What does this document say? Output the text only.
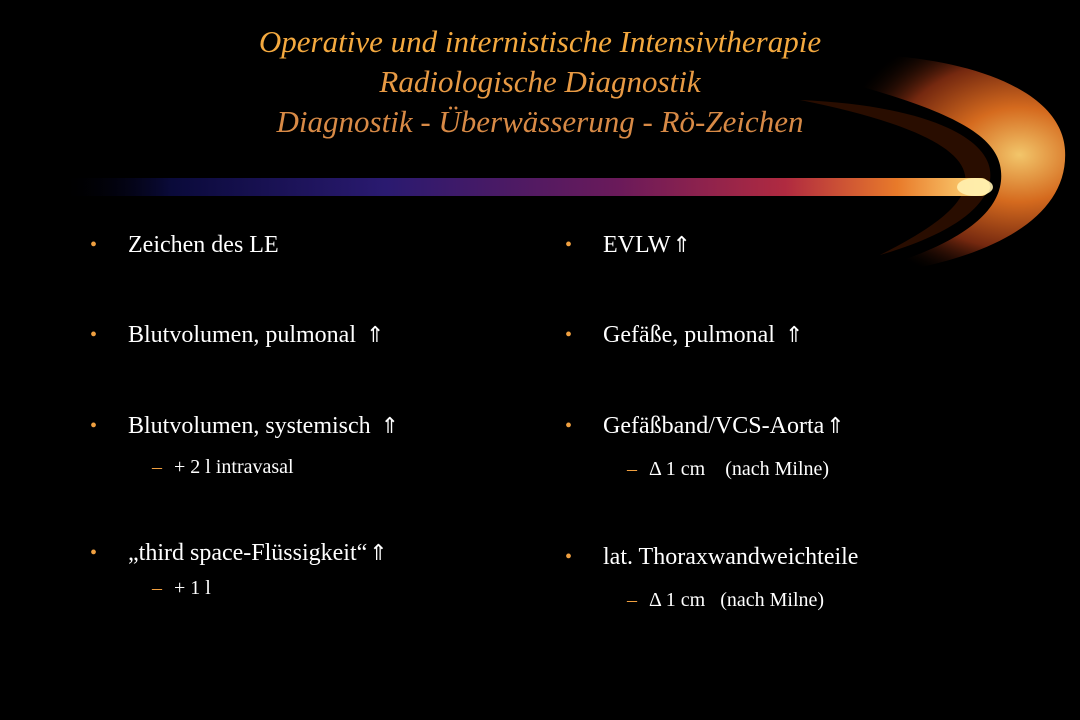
Operative und internistische Intensivtherapie
Radiologische Diagnostik
Diagnostik - Überwässerung - Rö-Zeichen
• Zeichen des LE
• Blutvolumen, pulmonal ⇑
• Blutvolumen, systemisch ⇑
– + 2 l intravasal
• „third space-Flüssigkeit“⇑
– + 1 l
• EVLW⇑
• Gefäße, pulmonal ⇑
• Gefäßband/VCS-Aorta⇑
– Δ 1 cm    (nach Milne)
• lat. Thoraxwandweichteile
– Δ 1 cm   (nach Milne)
